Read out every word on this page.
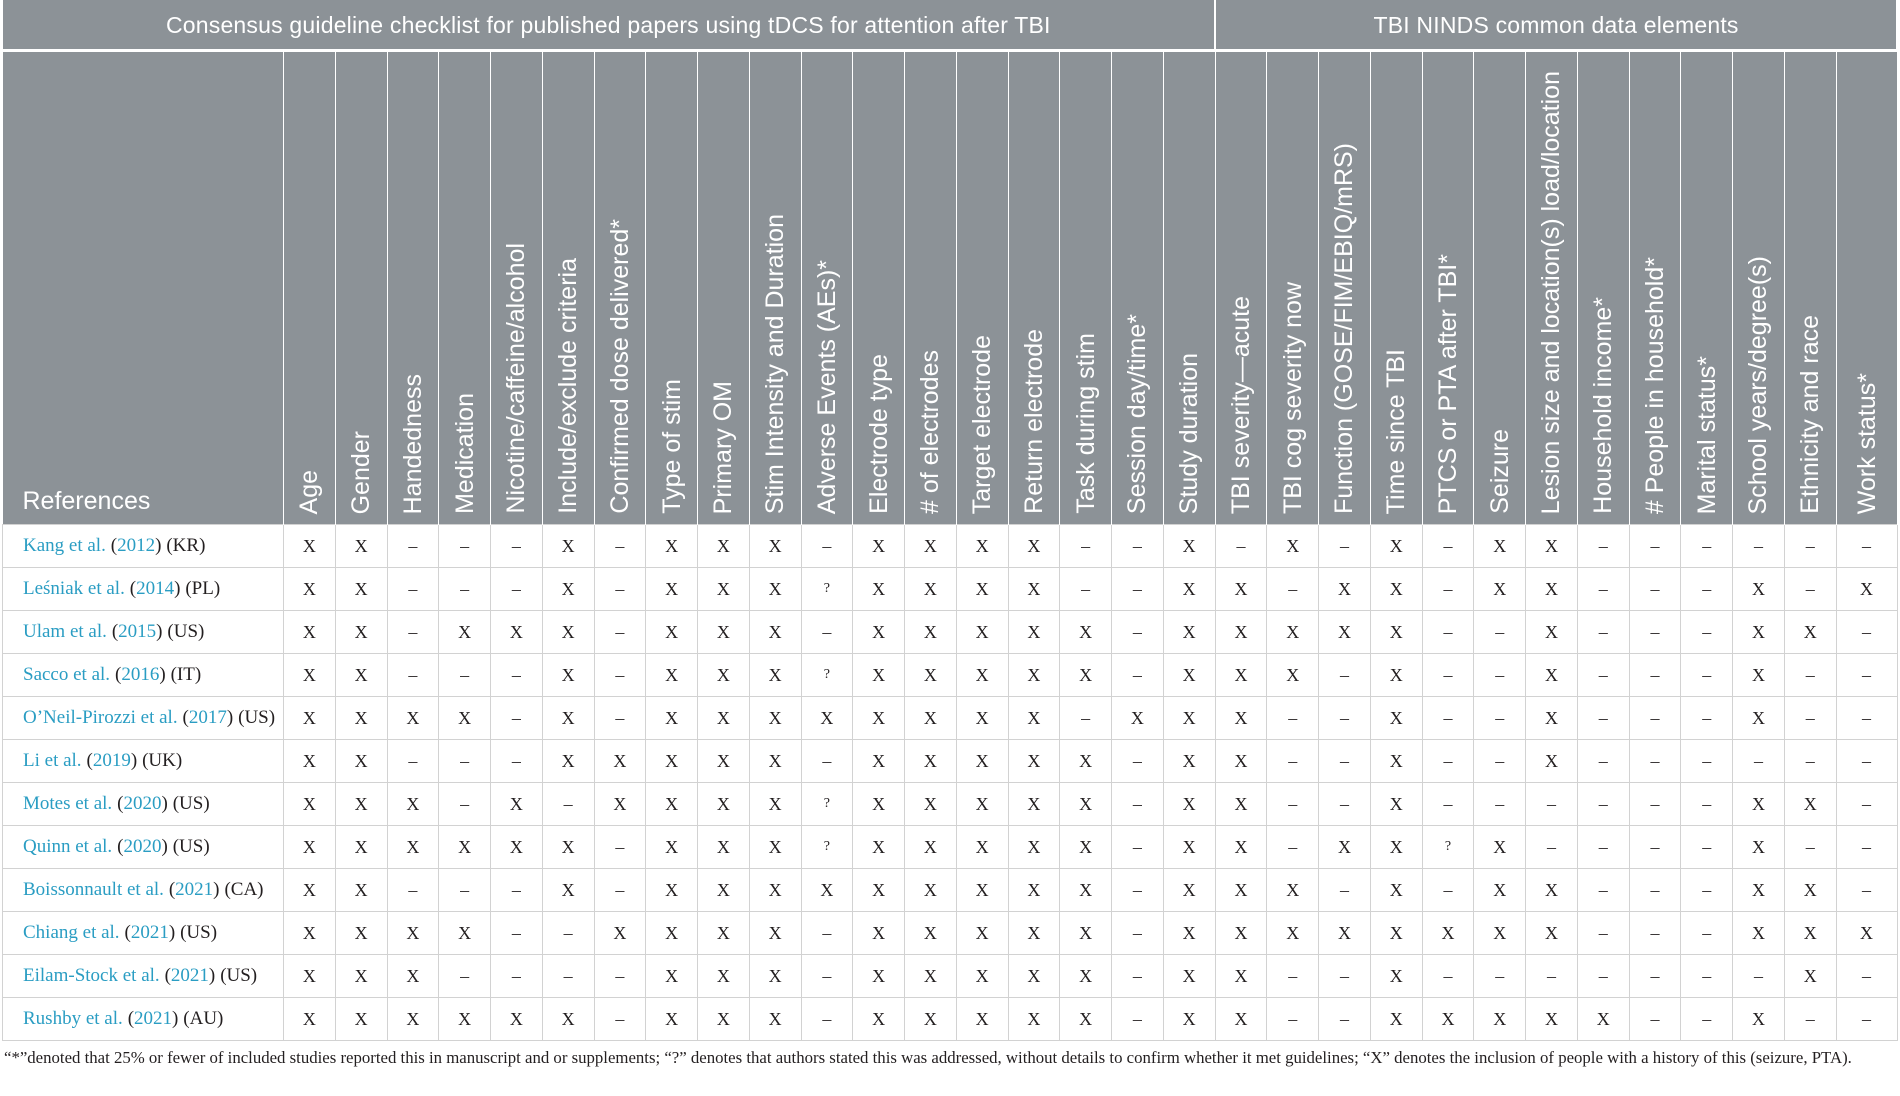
Consensus guideline checklist for published papers using tDCS for attention after TBI																			TBI NINDS common data elements												

References	Age	Gender	Handedness	Medication	Nicotine/caffeine/alcohol	Include/exclude criteria	Confirmed dose delivered*	Type of stim	Primary OM	Stim Intensity and Duration	Adverse Events (AEs)*	Electrode type	# of electrodes	Target electrode	Return electrode	Task during stim	Session day/time*	Study duration	TBI severity—acute	TBI cog severity now	Function (GOSE/FIM/EBIQ/mRS)	Time since TBI	PTCS or PTA after TBI*	Seizure	Lesion size and location(s) load/location	Household income*	# People in household*	Marital status*	School years/degree(s)	Ethnicity and race	Work status*

Kang et al. ( 2012 ) (KR)	X	X	–	–	–	X	–	X	X	X	–	X	X	X	X	–	–	X	–	X	–	X	–	X	X	–	–	–	–	–	–
Leśniak et al. ( 2014 ) (PL)	X	X	–	–	–	X	–	X	X	X	?	X	X	X	X	–	–	X	X	–	X	X	–	X	X	–	–	–	X	–	X
Ulam et al. ( 2015 ) (US)	X	X	–	X	X	X	–	X	X	X	–	X	X	X	X	X	–	X	X	X	X	X	–	–	X	–	–	–	X	X	–
Sacco et al. ( 2016 ) (IT)	X	X	–	–	–	X	–	X	X	X	?	X	X	X	X	X	–	X	X	X	–	X	–	–	X	–	–	–	X	–	–
O’Neil-Pirozzi et al. ( 2017 ) (US)	X	X	X	X	–	X	–	X	X	X	X	X	X	X	X	–	X	X	X	–	–	X	–	–	X	–	–	–	X	–	–
Li et al. ( 2019 ) (UK)	X	X	–	–	–	X	X	X	X	X	–	X	X	X	X	X	–	X	X	–	–	X	–	–	X	–	–	–	–	–	–
Motes et al. ( 2020 ) (US)	X	X	X	–	X	–	X	X	X	X	?	X	X	X	X	X	–	X	X	–	–	X	–	–	–	–	–	–	X	X	–
Quinn et al. ( 2020 ) (US)	X	X	X	X	X	X	–	X	X	X	?	X	X	X	X	X	–	X	X	–	X	X	?	X	–	–	–	–	X	–	–
Boissonnault et al. ( 2021 ) (CA)	X	X	–	–	–	X	–	X	X	X	X	X	X	X	X	X	–	X	X	X	–	X	–	X	X	–	–	–	X	X	–
Chiang et al. ( 2021 ) (US)	X	X	X	X	–	–	X	X	X	X	–	X	X	X	X	X	–	X	X	X	X	X	X	X	X	–	–	–	X	X	X
Eilam-Stock et al. ( 2021 ) (US)	X	X	X	–	–	–	–	X	X	X	–	X	X	X	X	X	–	X	X	–	–	X	–	–	–	–	–	–	–	X	–
Rushby et al. ( 2021 ) (AU)	X	X	X	X	X	X	–	X	X	X	–	X	X	X	X	X	–	X	X	–	–	X	X	X	X	X	–	–	X	–	–
“*”denoted that 25% or fewer of included studies reported this in manuscript and or supplements; “?” denotes that authors stated this was addressed, without details to confirm whether it met guidelines; “X” denotes the inclusion of people with a history of this (seizure, PTA).
